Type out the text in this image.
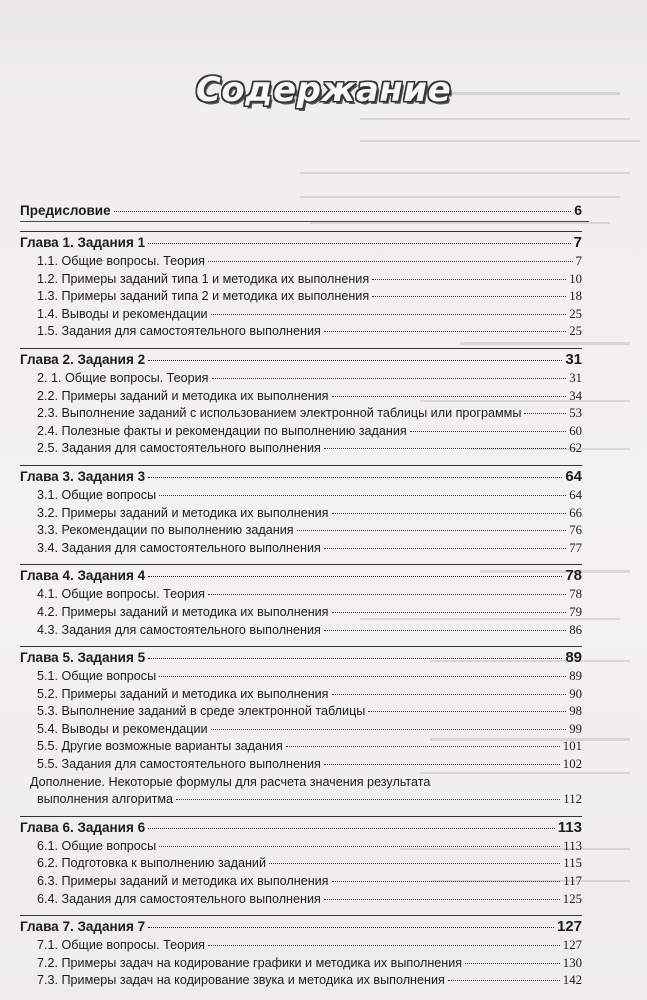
Содержание
Предисловие	6
Глава 1. Задания 1	7
1.1. Общие вопросы. Теория	7
1.2. Примеры заданий типа 1 и методика их выполнения	10
1.3. Примеры заданий типа 2 и методика их выполнения	18
1.4. Выводы и рекомендации	25
1.5. Задания для самостоятельного выполнения	25
Глава 2. Задания 2	31
2. 1. Общие вопросы. Теория	31
2.2. Примеры заданий и методика их выполнения	34
2.3. Выполнение заданий с использованием электронной таблицы или программы	53
2.4. Полезные факты и рекомендации по выполнению задания	60
2.5. Задания для самостоятельного выполнения	62
Глава 3. Задания 3	64
3.1. Общие вопросы	64
3.2. Примеры заданий и методика их выполнения	66
3.3. Рекомендации по выполнению задания	76
3.4. Задания для самостоятельного выполнения	77
Глава 4. Задания 4	78
4.1. Общие вопросы. Теория	78
4.2. Примеры заданий и методика их выполнения	79
4.3. Задания для самостоятельного выполнения	86
Глава 5. Задания 5	89
5.1. Общие вопросы	89
5.2. Примеры заданий и методика их выполнения	90
5.3. Выполнение заданий в среде электронной таблицы	98
5.4. Выводы и рекомендации	99
5.5. Другие возможные варианты задания	101
5.5. Задания для самостоятельного выполнения	102
Дополнение. Некоторые формулы для расчета значения результата
выполнения алгоритма	112
Глава 6. Задания 6	113
6.1. Общие вопросы	113
6.2. Подготовка к выполнению заданий	115
6.3. Примеры заданий и методика их выполнения	117
6.4. Задания для самостоятельного выполнения	125
Глава 7. Задания 7	127
7.1. Общие вопросы. Теория	127
7.2. Примеры задач на кодирование графики и методика их выполнения	130
7.3. Примеры задач на кодирование звука и методика их выполнения	142
